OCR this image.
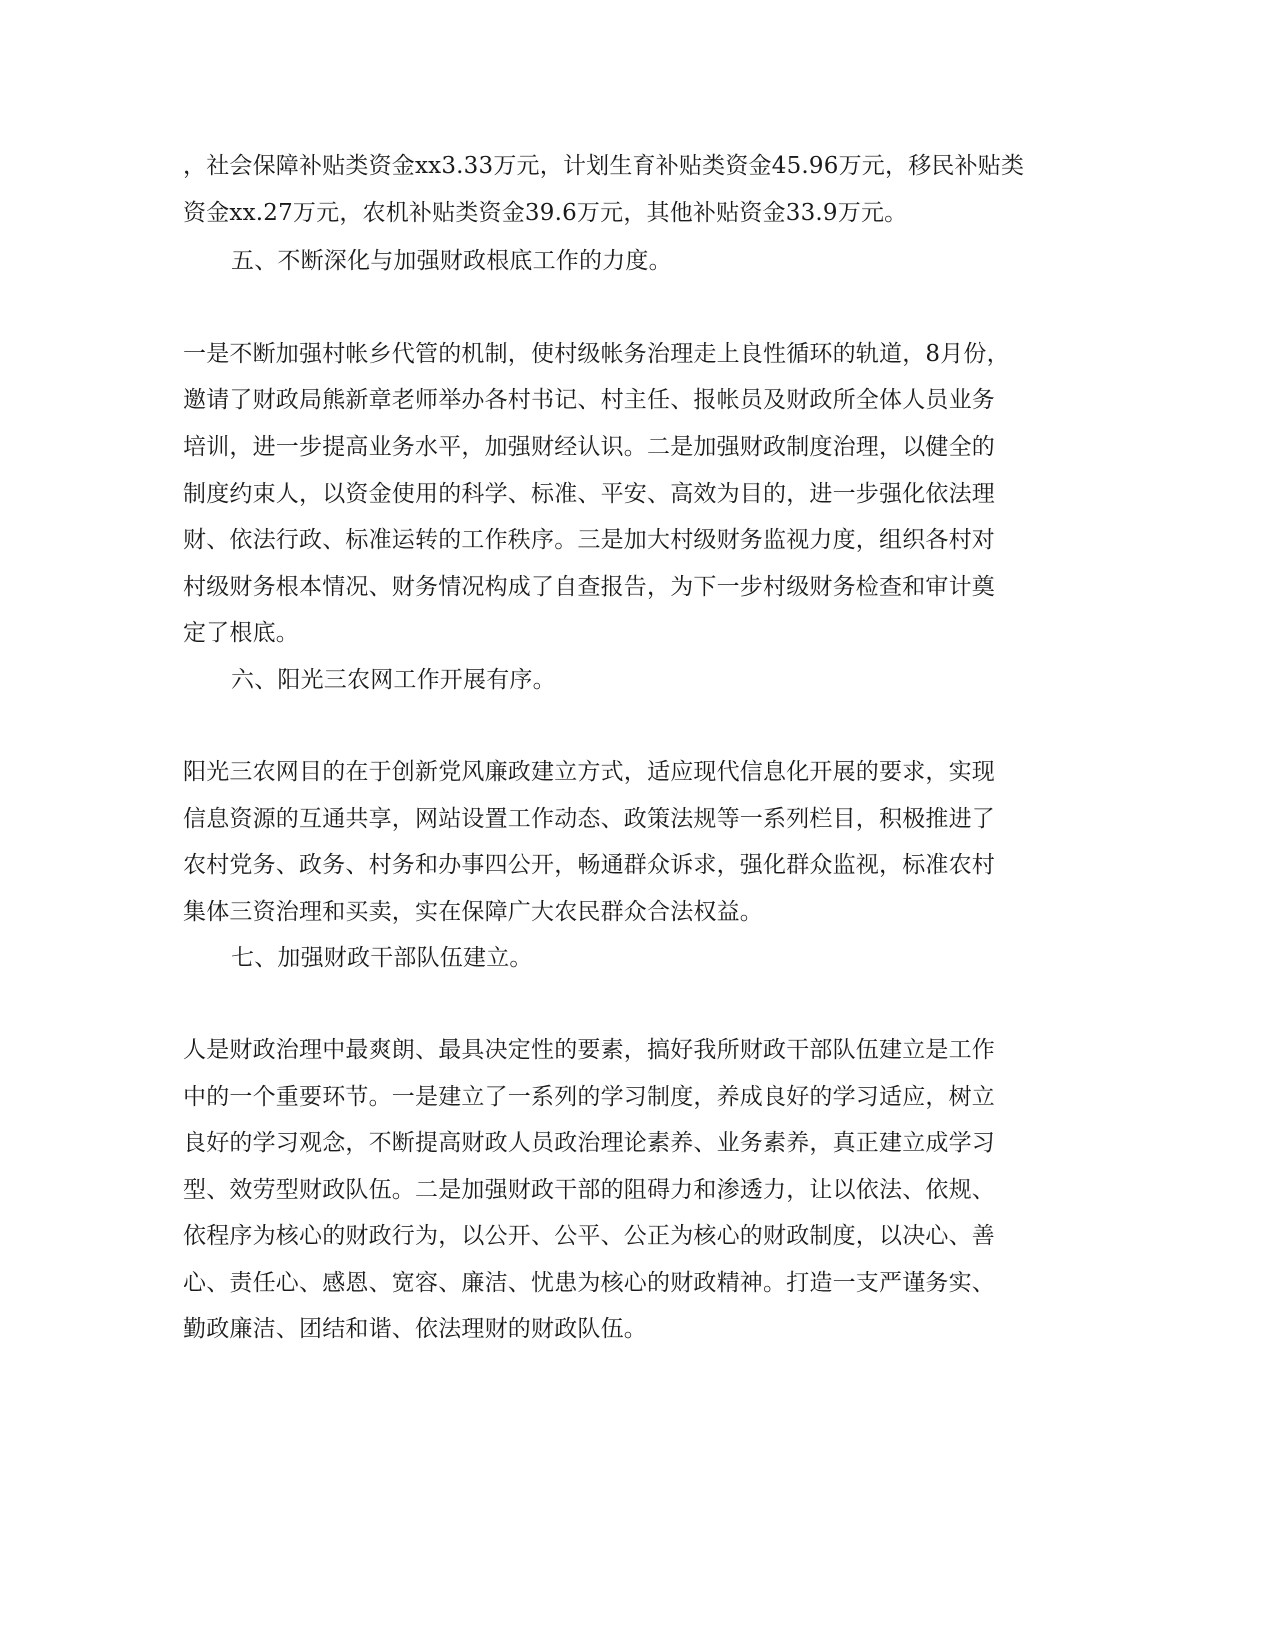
，社会保障补贴类资金xx3.33万元，计划生育补贴类资金45.96万元，移民补贴类

资金xx.27万元，农机补贴类资金39.6万元，其他补贴资金33.9万元。

五、不断深化与加强财政根底工作的力度。

一是不断加强村帐乡代管的机制，使村级帐务治理走上良性循环的轨道，8月份，

邀请了财政局熊新章老师举办各村书记、村主任、报帐员及财政所全体人员业务

培训，进一步提高业务水平，加强财经认识。二是加强财政制度治理，以健全的

制度约束人，以资金使用的科学、标准、平安、高效为目的，进一步强化依法理

财、依法行政、标准运转的工作秩序。三是加大村级财务监视力度，组织各村对

村级财务根本情况、财务情况构成了自查报告，为下一步村级财务检查和审计奠

定了根底。

六、阳光三农网工作开展有序。

阳光三农网目的在于创新党风廉政建立方式，适应现代信息化开展的要求，实现

信息资源的互通共享，网站设置工作动态、政策法规等一系列栏目，积极推进了

农村党务、政务、村务和办事四公开，畅通群众诉求，强化群众监视，标准农村

集体三资治理和买卖，实在保障广大农民群众合法权益。

七、加强财政干部队伍建立。

人是财政治理中最爽朗、最具决定性的要素，搞好我所财政干部队伍建立是工作

中的一个重要环节。一是建立了一系列的学习制度，养成良好的学习适应，树立

良好的学习观念，不断提高财政人员政治理论素养、业务素养，真正建立成学习

型、效劳型财政队伍。二是加强财政干部的阻碍力和渗透力，让以依法、依规、

依程序为核心的财政行为，以公开、公平、公正为核心的财政制度，以决心、善

心、责任心、感恩、宽容、廉洁、忧患为核心的财政精神。打造一支严谨务实、

勤政廉洁、团结和谐、依法理财的财政队伍。
